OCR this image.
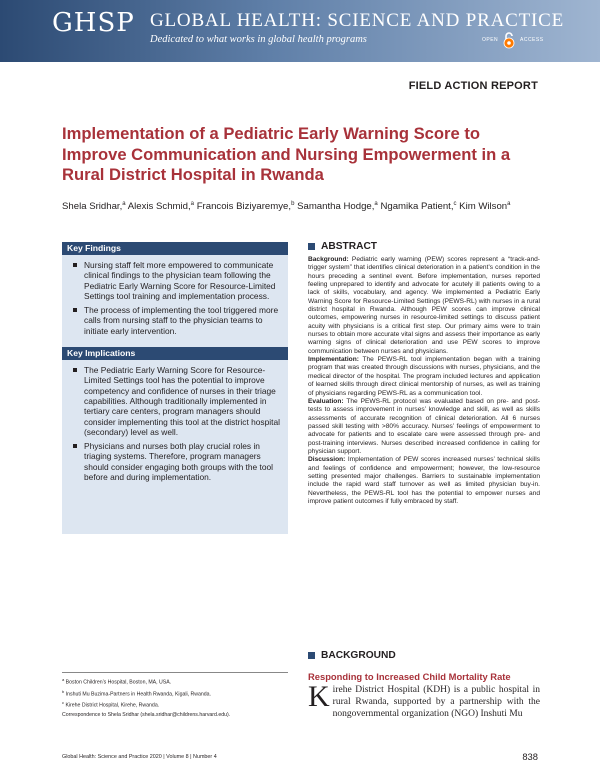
GHSP GLOBAL HEALTH: SCIENCE AND PRACTICE
Dedicated to what works in global health programs	OPEN	ACCESS
FIELD ACTION REPORT
Implementation of a Pediatric Early Warning Score to Improve Communication and Nursing Empowerment in a Rural District Hospital in Rwanda
Shela Sridhar,$^a$ Alexis Schmid,$^a$ Francois Biziyaremye,$^b$ Samantha Hodge,$^a$ Ngamika Patient,$^c$ Kim Wilson$^a$
Key Findings
Nursing staff felt more empowered to communicate clinical findings to the physician team following the Pediatric Early Warning Score for Resource-Limited Settings tool training and implementation process.
The process of implementing the tool triggered more calls from nursing staff to the physician teams to initiate early intervention.
Key Implications
The Pediatric Early Warning Score for Resource-Limited Settings tool has the potential to improve competency and confidence of nurses in their triage capabilities. Although traditionally implemented in tertiary care centers, program managers should consider implementing this tool at the district hospital (secondary) level as well.
Physicians and nurses both play crucial roles in triaging systems. Therefore, program managers should consider engaging both groups with the tool before and during implementation.
ABSTRACT
Background: Pediatric early warning (PEW) scores represent a “track-and-trigger system” that identifies clinical deterioration in a patient’s condition in the hours preceding a sentinel event. Before implementation, nurses reported feeling unprepared to identify and advocate for acutely ill patients owing to a lack of skills, vocabulary, and agency. We implemented a Pediatric Early Warning Score for Resource-Limited Settings (PEWS-RL) with nurses in a rural district hospital in Rwanda. Although PEW scores can improve clinical outcomes, empowering nurses in resource-limited settings to discuss patient acuity with physicians is a critical first step. Our primary aims were to train nurses to obtain more accurate vital signs and assess their importance as early warning signs of clinical deterioration and use PEW scores to improve communication between nurses and physicians.
Implementation: The PEWS-RL tool implementation began with a training program that was created through discussions with nurses, physicians, and the medical director of the hospital. The program included lectures and application of learned skills through direct clinical mentorship of nurses, as well as training of physicians regarding PEWS-RL as a communication tool.
Evaluation: The PEWS-RL protocol was evaluated based on pre- and post-tests to assess improvement in nurses’ knowledge and skill, as well as skills assessments of accurate recognition of clinical deterioration. All 6 nurses passed skill testing with >80% accuracy. Nurses’ feelings of empowerment to advocate for patients and to escalate care were assessed through pre- and post-training interviews. Nurses described increased confidence in calling for physician support.
Discussion: Implementation of PEW scores increased nurses’ technical skills and feelings of confidence and empowerment; however, the low-resource setting presented major challenges. Barriers to sustainable implementation include the rapid ward staff turnover as well as limited physician buy-in. Nevertheless, the PEWS-RL tool has the potential to empower nurses and improve patient outcomes if fully embraced by staff.
BACKGROUND
Responding to Increased Child Mortality Rate
Kirehe District Hospital (KDH) is a public hospital in rural Rwanda, supported by a partnership with the nongovernmental organization (NGO) Inshuti Mu
$^a$ Boston Children’s Hospital, Boston, MA, USA.
$^b$ Inshuti Mu Buzima-Partners in Health Rwanda, Kigali, Rwanda.
$^c$ Kirehe District Hospital, Kirehe, Rwanda.
Correspondence to Shela Sridhar (shela.sridhar@childrens.harvard.edu).
Global Health: Science and Practice 2020 | Volume 8 | Number 4	838
